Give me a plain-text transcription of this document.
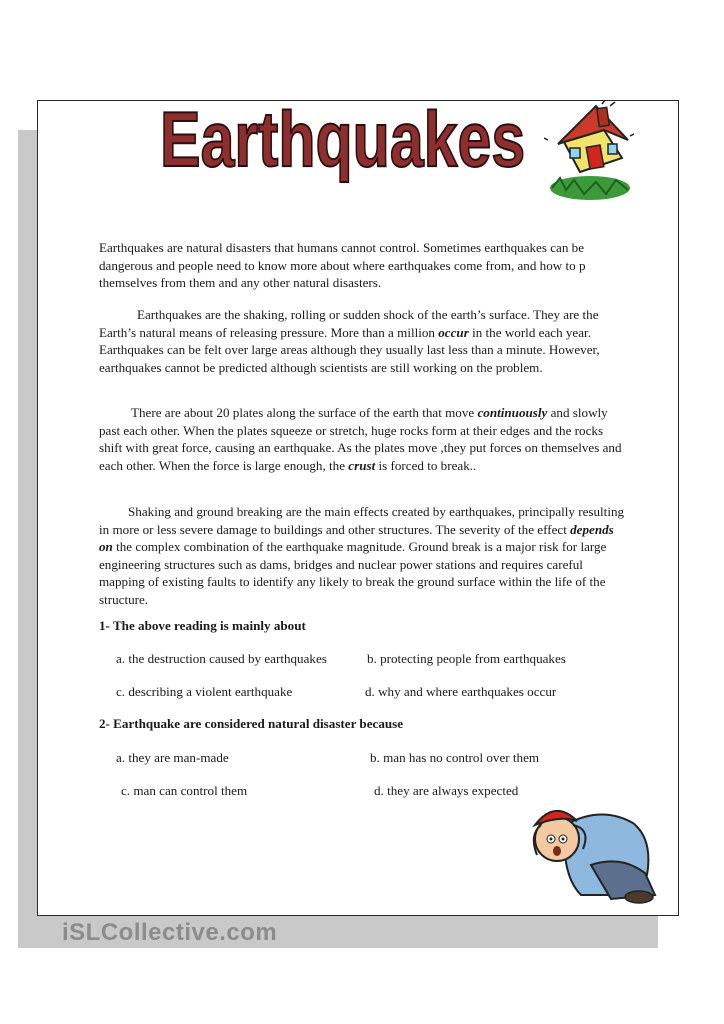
Earthquakes
Earthquakes are natural disasters that humans cannot control. Sometimes earthquakes can be dangerous and people need to know more about where earthquakes come from, and how to p themselves from them and any other natural disasters.
Earthquakes are the shaking, rolling or sudden shock of the earth’s surface. They are the Earth’s natural means of releasing pressure. More than a million occur in the world each year. Earthquakes can be felt over large areas although they usually last less than a minute. However, earthquakes cannot be predicted although scientists are still working on the problem.
There are about 20 plates along the surface of the earth that move continuously and slowly past each other. When the plates squeeze or stretch, huge rocks form at their edges and the rocks shift with great force, causing an earthquake. As the plates move ,they put forces on themselves and each other. When the force is large enough, the crust is forced to break..
Shaking and ground breaking are the main effects created by earthquakes, principally resulting in more or less severe damage to buildings and other structures. The severity of the effect depends on the complex combination of the earthquake magnitude. Ground break is a major risk for large engineering structures such as dams, bridges and nuclear power stations and requires careful mapping of existing faults to identify any likely to break the ground surface within the life of the structure.
1- The above reading is mainly about
a. the destruction caused by earthquakes	b. protecting people from earthquakes
c. describing a violent earthquake	d. why and where earthquakes occur
2- Earthquake are considered natural disaster because
a. they are man-made	b. man has no control over them
c. man can control them	d. they are always expected
iSLCollective.com
